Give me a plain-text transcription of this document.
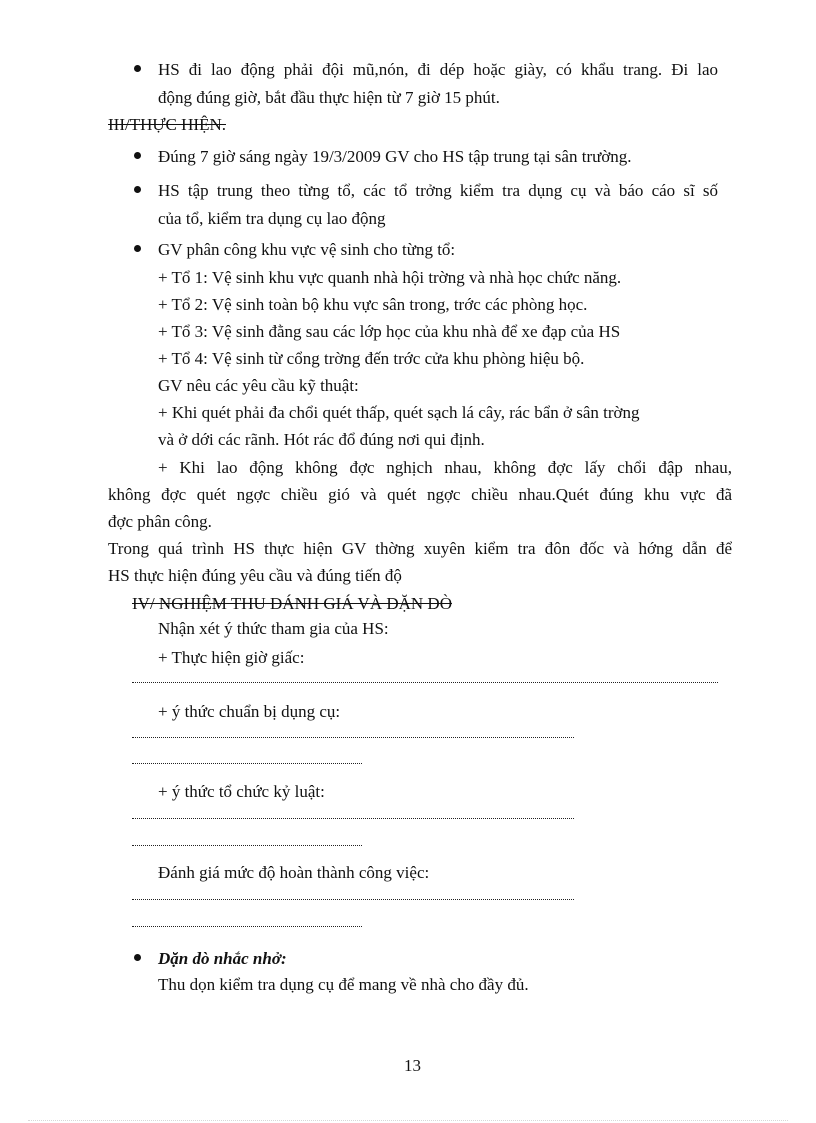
HS đi lao động phải đội mũ,nón, đi dép hoặc giày, có khẩu trang. Đi lao
động đúng giờ, bắt đầu thực hiện từ 7 giờ 15 phút.
III/THỰC HIỆN.
Đúng 7 giờ sáng ngày 19/3/2009 GV cho HS tập trung tại sân trường.
HS tập trung theo từng tổ, các tổ trởng kiểm tra dụng cụ và báo cáo sĩ số
của tổ, kiểm tra dụng cụ lao động
GV phân công khu vực vệ sinh cho từng tổ:
+ Tổ 1: Vệ sinh khu vực quanh nhà hội trờng và nhà học chức năng.
+ Tổ 2: Vệ sinh toàn bộ khu vực sân trong, trớc các phòng học.
+ Tổ 3: Vệ sinh đằng sau các lớp học của khu nhà để xe đạp của HS
+ Tổ 4: Vệ sinh từ cổng trờng đến trớc cửa khu phòng hiệu bộ.
GV nêu các yêu cầu kỹ thuật:
+ Khi quét phải đa chổi quét thấp, quét sạch lá cây, rác bẩn ở sân trờng
và ở dới các rãnh. Hót rác đổ đúng nơi qui định.
+ Khi lao động không đợc nghịch nhau, không đợc lấy chổi đập nhau,
không đợc quét ngợc chiều gió và quét ngợc chiều nhau.Quét đúng khu vực đã
đợc phân công.
Trong quá trình HS thực hiện GV thờng xuyên kiểm tra đôn đốc và hớng dẫn để
HS thực hiện đúng yêu cầu và đúng tiến độ
IV/ NGHIỆM THU ĐÁNH GIÁ VÀ DẶN DÒ
Nhận xét ý thức tham gia của HS:
+ Thực hiện giờ giấc:
+ ý thức chuẩn bị dụng cụ:
+ ý thức tổ chức kỷ luật:
Đánh giá mức độ hoàn thành công việc:
Dặn dò nhắc nhở:
Thu dọn kiểm tra dụng cụ để mang về nhà cho đầy đủ.
13
